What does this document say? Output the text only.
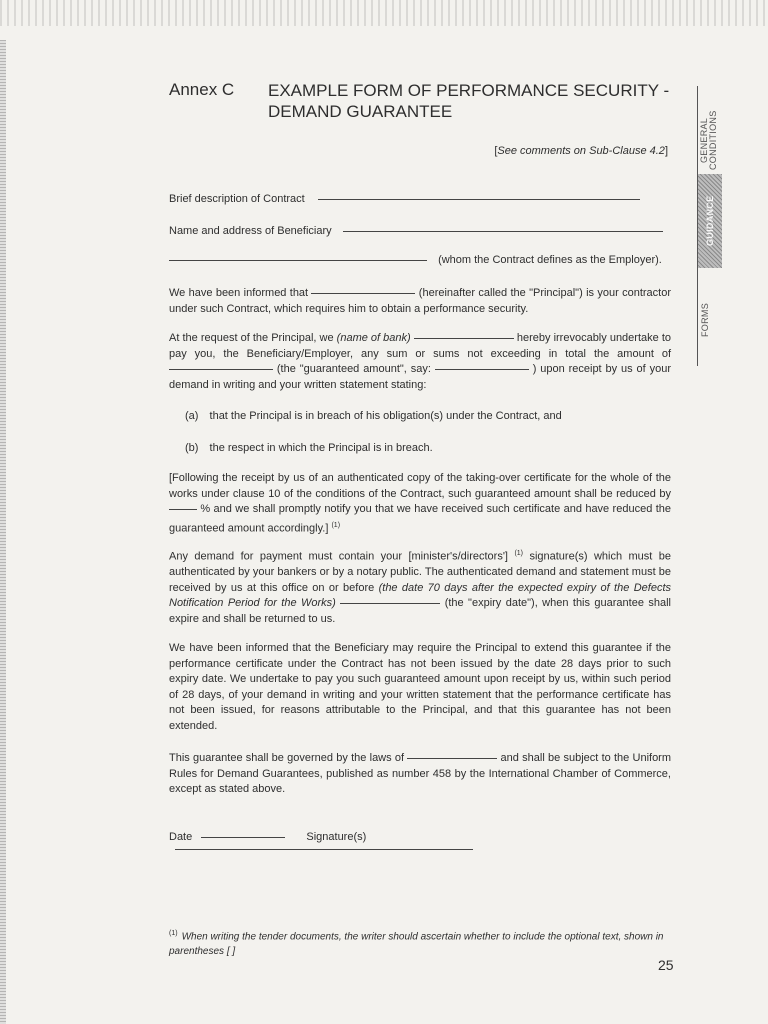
Annex C EXAMPLE FORM OF PERFORMANCE SECURITY -
DEMAND GUARANTEE
[See comments on Sub-Clause 4.2]
Brief description of Contract
Name and address of Beneficiary
(whom the Contract defines as the Employer).
We have been informed that	(hereinafter called the "Principal") is your contractor under such Contract, which requires him to obtain a performance security.
At the request of the Principal, we (name of bank)	hereby irrevocably undertake to pay you, the Beneficiary/Employer, any sum or sums not exceeding in total the amount of  (the "guaranteed amount", say:	) upon receipt by us of your demand in writing and your written statement stating:
(a) that the Principal is in breach of his obligation(s) under the Contract, and
(b) the respect in which the Principal is in breach.
[Following the receipt by us of an authenticated copy of the taking-over certificate for the whole of the works under clause 10 of the conditions of the Contract, such guaranteed amount shall be reduced by  % and we shall promptly notify you that we have received such certificate and have reduced the guaranteed amount accordingly.] $^{(1)}$
Any demand for payment must contain your [minister's/directors'] $^{(1)}$ signature(s) which must be authenticated by your bankers or by a notary public. The authenticated demand and statement must be received by us at this office on or before (the date 70 days after the expected expiry of the Defects Notification Period for the Works)	(the "expiry date"), when this guarantee shall expire and shall be returned to us.
We have been informed that the Beneficiary may require the Principal to extend this guarantee if the performance certificate under the Contract has not been issued by the date 28 days prior to such expiry date. We undertake to pay you such guaranteed amount upon receipt by us, within such period of 28 days, of your demand in writing and your written statement that the performance certificate has not been issued, for reasons attributable to the Principal, and that this guarantee has not been extended.
This guarantee shall be governed by the laws of	and shall be subject to the Uniform Rules for Demand Guarantees, published as number 458 by the International Chamber of Commerce, except as stated above.
Date	Signature(s)
$^{(1)}$ When writing the tender documents, the writer should ascertain whether to include the optional text, shown in parentheses [ ]
25
GENERAL CONDITIONS
GUIDANCE
FORMS
